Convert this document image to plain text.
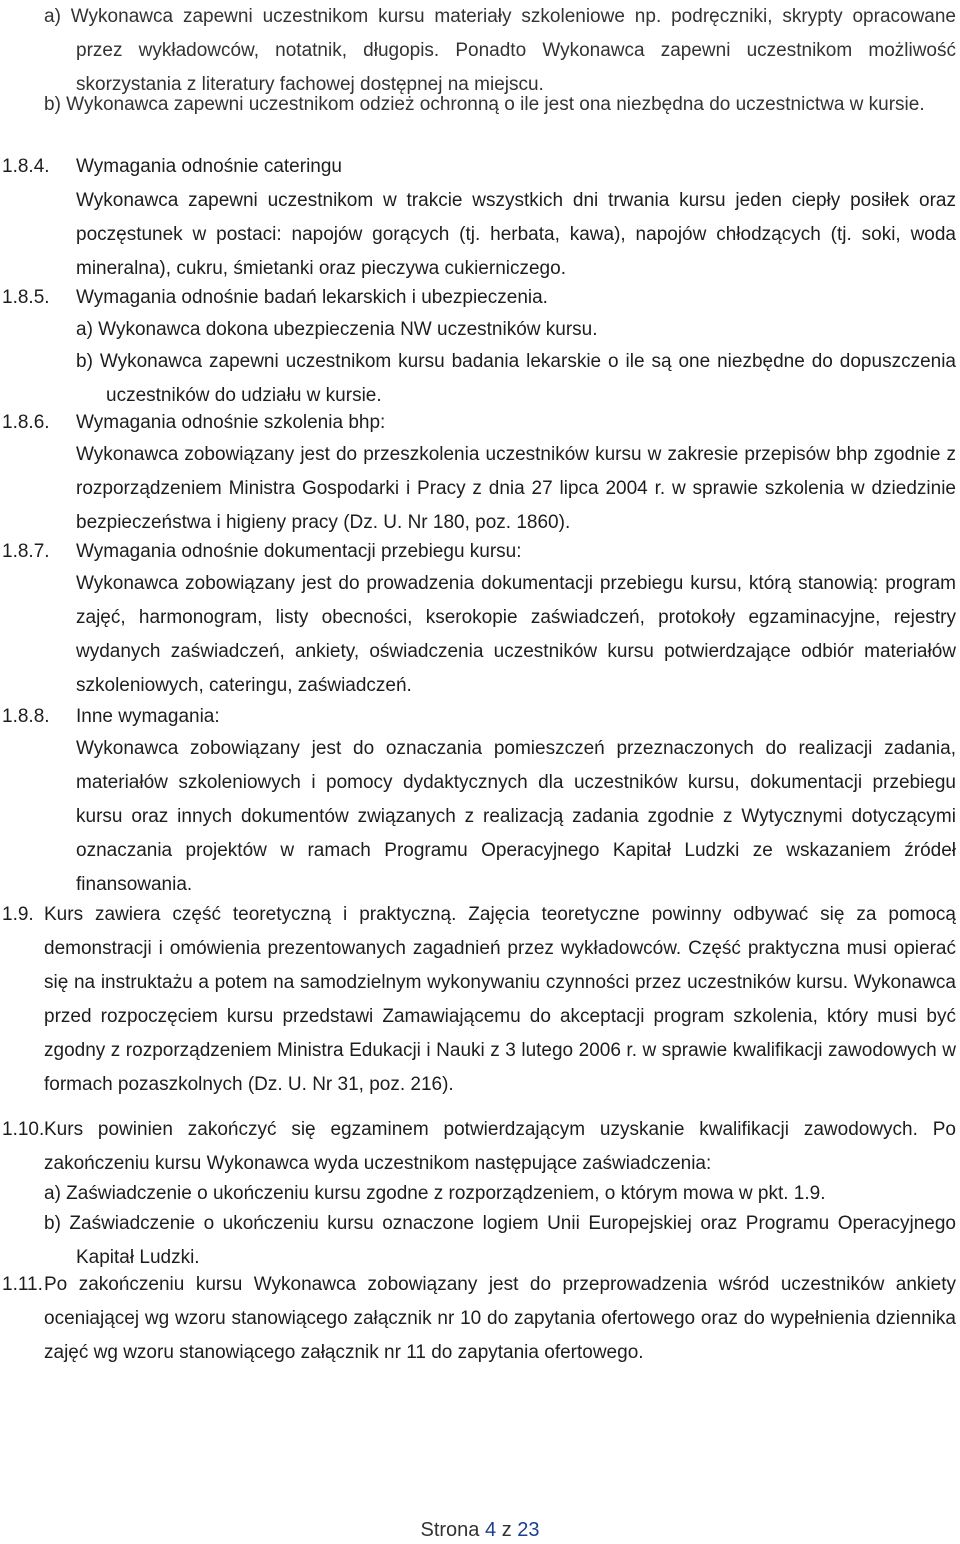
a) Wykonawca zapewni uczestnikom kursu materiały szkoleniowe np. podręczniki, skrypty opracowane przez wykładowców, notatnik, długopis. Ponadto Wykonawca zapewni uczestnikom możliwość skorzystania z literatury fachowej dostępnej na miejscu.

b) Wykonawca zapewni uczestnikom odzież ochronną o ile jest ona niezbędna do uczestnictwa w kursie.

1.8.4. Wymagania odnośnie cateringu

Wykonawca zapewni uczestnikom w trakcie wszystkich dni trwania kursu jeden ciepły posiłek oraz poczęstunek w postaci: napojów gorących (tj. herbata, kawa), napojów chłodzących (tj. soki, woda mineralna), cukru, śmietanki oraz pieczywa cukierniczego.

1.8.5. Wymagania odnośnie badań lekarskich i ubezpieczenia.

a) Wykonawca dokona ubezpieczenia NW uczestników kursu.

b) Wykonawca zapewni uczestnikom kursu badania lekarskie o ile są one niezbędne do dopuszczenia uczestników do udziału w kursie.

1.8.6. Wymagania odnośnie szkolenia bhp:

Wykonawca zobowiązany jest do przeszkolenia uczestników kursu w zakresie przepisów bhp zgodnie z rozporządzeniem Ministra Gospodarki i Pracy z dnia 27 lipca 2004 r. w sprawie szkolenia w dziedzinie bezpieczeństwa i higieny pracy (Dz. U. Nr 180, poz. 1860).

1.8.7. Wymagania odnośnie dokumentacji przebiegu kursu:

Wykonawca zobowiązany jest do prowadzenia dokumentacji przebiegu kursu, którą stanowią: program zajęć, harmonogram, listy obecności, kserokopie zaświadczeń, protokoły egzaminacyjne, rejestry wydanych zaświadczeń, ankiety, oświadczenia uczestników kursu potwierdzające odbiór materiałów szkoleniowych, cateringu, zaświadczeń.

1.8.8. Inne wymagania:

Wykonawca zobowiązany jest do oznaczania pomieszczeń przeznaczonych do realizacji zadania, materiałów szkoleniowych i pomocy dydaktycznych dla uczestników kursu, dokumentacji przebiegu kursu oraz innych dokumentów związanych z realizacją zadania zgodnie z Wytycznymi dotyczącymi oznaczania projektów w ramach Programu Operacyjnego Kapitał Ludzki ze wskazaniem źródeł finansowania.

1.9. Kurs zawiera część teoretyczną i praktyczną. Zajęcia teoretyczne powinny odbywać się za pomocą demonstracji i omówienia prezentowanych zagadnień przez wykładowców. Część praktyczna musi opierać się na instruktażu a potem na samodzielnym wykonywaniu czynności przez uczestników kursu. Wykonawca przed rozpoczęciem kursu przedstawi Zamawiającemu do akceptacji program szkolenia, który musi być zgodny z rozporządzeniem Ministra Edukacji i Nauki z 3 lutego 2006 r. w sprawie kwalifikacji zawodowych w formach pozaszkolnych (Dz. U. Nr 31, poz. 216).

1.10. Kurs powinien zakończyć się egzaminem potwierdzającym uzyskanie kwalifikacji zawodowych. Po zakończeniu kursu Wykonawca wyda uczestnikom następujące zaświadczenia:

a) Zaświadczenie o ukończeniu kursu zgodne z rozporządzeniem, o którym mowa w pkt. 1.9.

b) Zaświadczenie o ukończeniu kursu oznaczone logiem Unii Europejskiej oraz Programu Operacyjnego Kapitał Ludzki.

1.11. Po zakończeniu kursu Wykonawca zobowiązany jest do przeprowadzenia wśród uczestników ankiety oceniającej wg wzoru stanowiącego załącznik nr 10 do zapytania ofertowego oraz do wypełnienia dziennika zajęć wg wzoru stanowiącego załącznik nr 11 do zapytania ofertowego.

Strona 4 z 23
